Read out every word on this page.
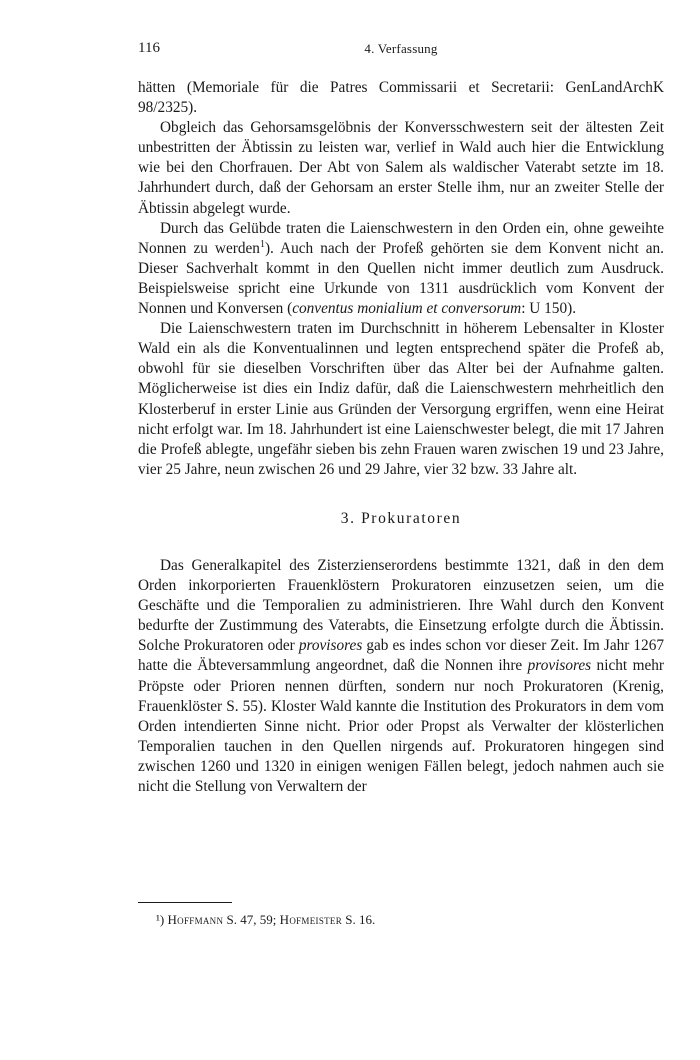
116	4. Verfassung

hätten (Memoriale für die Patres Commissarii et Secretarii: GenLandArchK 98/2325).

Obgleich das Gehorsamsgelöbnis der Konversschwestern seit der ältesten Zeit unbestritten der Äbtissin zu leisten war, verlief in Wald auch hier die Entwicklung wie bei den Chorfrauen. Der Abt von Salem als waldischer Vaterabt setzte im 18. Jahrhundert durch, daß der Gehorsam an erster Stelle ihm, nur an zweiter Stelle der Äbtissin abgelegt wurde.

Durch das Gelübde traten die Laienschwestern in den Orden ein, ohne geweihte Nonnen zu werden$^1$). Auch nach der Profeß gehörten sie dem Konvent nicht an. Dieser Sachverhalt kommt in den Quellen nicht immer deutlich zum Ausdruck. Beispielsweise spricht eine Urkunde von 1311 ausdrücklich vom Konvent der Nonnen und Konversen (conventus monialium et conversorum: U 150).

Die Laienschwestern traten im Durchschnitt in höherem Lebensalter in Kloster Wald ein als die Konventualinnen und legten entsprechend später die Profeß ab, obwohl für sie dieselben Vorschriften über das Alter bei der Aufnahme galten. Möglicherweise ist dies ein Indiz dafür, daß die Laienschwestern mehrheitlich den Klosterberuf in erster Linie aus Gründen der Versorgung ergriffen, wenn eine Heirat nicht erfolgt war. Im 18. Jahrhundert ist eine Laienschwester belegt, die mit 17 Jahren die Profeß ablegte, ungefähr sieben bis zehn Frauen waren zwischen 19 und 23 Jahre, vier 25 Jahre, neun zwischen 26 und 29 Jahre, vier 32 bzw. 33 Jahre alt.

3. Prokuratoren

Das Generalkapitel des Zisterzienserordens bestimmte 1321, daß in den dem Orden inkorporierten Frauenklöstern Prokuratoren einzusetzen seien, um die Geschäfte und die Temporalien zu administrieren. Ihre Wahl durch den Konvent bedurfte der Zustimmung des Vaterabts, die Einsetzung erfolgte durch die Äbtissin. Solche Prokuratoren oder provisores gab es indes schon vor dieser Zeit. Im Jahr 1267 hatte die Äbteversammlung angeordnet, daß die Nonnen ihre provisores nicht mehr Pröpste oder Prioren nennen dürften, sondern nur noch Prokuratoren (Krenig, Frauenklöster S. 55). Kloster Wald kannte die Institution des Prokurators in dem vom Orden intendierten Sinne nicht. Prior oder Propst als Verwalter der klösterlichen Temporalien tauchen in den Quellen nirgends auf. Prokuratoren hingegen sind zwischen 1260 und 1320 in einigen wenigen Fällen belegt, jedoch nahmen auch sie nicht die Stellung von Verwaltern der

¹) Hoffmann S. 47, 59; Hofmeister S. 16.
